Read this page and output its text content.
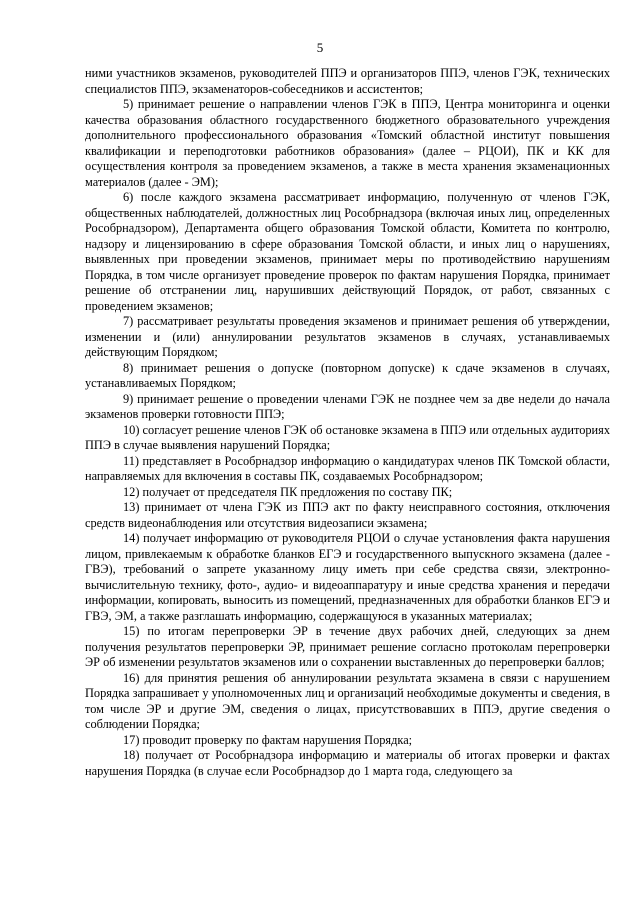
5

ними участников экзаменов, руководителей ППЭ и организаторов ППЭ, членов ГЭК, технических специалистов ППЭ, экзаменаторов-собеседников и ассистентов;

5) принимает решение о направлении членов ГЭК в ППЭ, Центра мониторинга и оценки качества образования областного государственного бюджетного образовательного учреждения дополнительного профессионального образования «Томский областной институт повышения квалификации и переподготовки работников образования» (далее – РЦОИ), ПК и КК для осуществления контроля за проведением экзаменов, а также в места хранения экзаменационных материалов (далее - ЭМ);

6) после каждого экзамена рассматривает информацию, полученную от членов ГЭК, общественных наблюдателей, должностных лиц Рособрнадзора (включая иных лиц, определенных Рособрнадзором), Департамента общего образования Томской области, Комитета по контролю, надзору и лицензированию в сфере образования Томской области, и иных лиц о нарушениях, выявленных при проведении экзаменов, принимает меры по противодействию нарушениям Порядка, в том числе организует проведение проверок по фактам нарушения Порядка, принимает решение об отстранении лиц, нарушивших действующий Порядок, от работ, связанных с проведением экзаменов;

7) рассматривает результаты проведения экзаменов и принимает решения об утверждении, изменении и (или) аннулировании результатов экзаменов в случаях, устанавливаемых действующим Порядком;

8) принимает решения о допуске (повторном допуске) к сдаче экзаменов в случаях, устанавливаемых Порядком;

9) принимает решение о проведении членами ГЭК не позднее чем за две недели до начала экзаменов проверки готовности ППЭ;

10) согласует решение членов ГЭК об остановке экзамена в ППЭ или отдельных аудиториях ППЭ в случае выявления нарушений Порядка;

11) представляет в Рособрнадзор информацию о кандидатурах членов ПК Томской области, направляемых для включения в составы ПК, создаваемых Рособрнадзором;

12) получает от председателя ПК предложения по составу ПК;

13) принимает от члена ГЭК из ППЭ акт по факту неисправного состояния, отключения средств видеонаблюдения или отсутствия видеозаписи экзамена;

14) получает информацию от руководителя РЦОИ о случае установления факта нарушения лицом, привлекаемым к обработке бланков ЕГЭ и государственного выпускного экзамена (далее - ГВЭ), требований о запрете указанному лицу иметь при себе средства связи, электронно-вычислительную технику, фото-, аудио- и видеоаппаратуру и иные средства хранения и передачи информации, копировать, выносить из помещений, предназначенных для обработки бланков ЕГЭ и ГВЭ, ЭМ, а также разглашать информацию, содержащуюся в указанных материалах;

15) по итогам перепроверки ЭР в течение двух рабочих дней, следующих за днем получения результатов перепроверки ЭР, принимает решение согласно протоколам перепроверки ЭР об изменении результатов экзаменов или о сохранении выставленных до перепроверки баллов;

16) для принятия решения об аннулировании результата экзамена в связи с нарушением Порядка запрашивает у уполномоченных лиц и организаций необходимые документы и сведения, в том числе ЭР и другие ЭМ, сведения о лицах, присутствовавших в ППЭ, другие сведения о соблюдении Порядка;

17) проводит проверку по фактам нарушения Порядка;

18) получает от Рособрнадзора информацию и материалы об итогах проверки и фактах нарушения Порядка (в случае если Рособрнадзор до 1 марта года, следующего за
